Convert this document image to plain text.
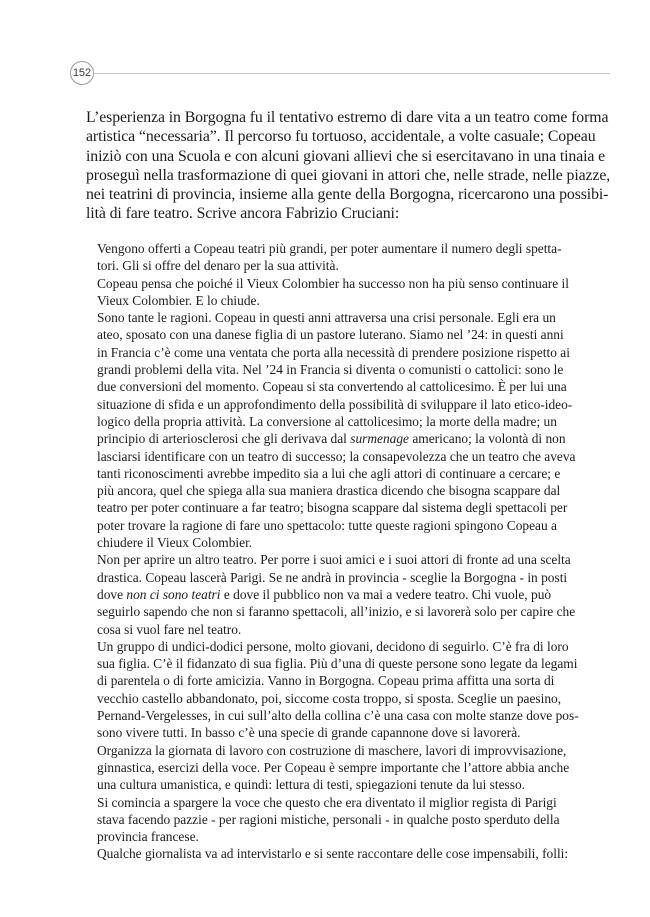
152
L’esperienza in Borgogna fu il tentativo estremo di dare vita a un teatro come forma
artistica “necessaria”. Il percorso fu tortuoso, accidentale, a volte casuale; Copeau
iniziò con una Scuola e con alcuni giovani allievi che si esercitavano in una tinaia e
proseguì nella trasformazione di quei giovani in attori che, nelle strade, nelle piazze,
nei teatrini di provincia, insieme alla gente della Borgogna, ricercarono una possibi-
lità di fare teatro. Scrive ancora Fabrizio Cruciani:

Vengono offerti a Copeau teatri più grandi, per poter aumentare il numero degli spetta-
tori. Gli si offre del denaro per la sua attività.

Copeau pensa che poiché il Vieux Colombier ha successo non ha più senso continuare il
Vieux Colombier. E lo chiude.

Sono tante le ragioni. Copeau in questi anni attraversa una crisi personale. Egli era un
ateo, sposato con una danese figlia di un pastore luterano. Siamo nel ’24: in questi anni
in Francia c’è come una ventata che porta alla necessità di prendere posizione rispetto ai
grandi problemi della vita. Nel ’24 in Francia si diventa o comunisti o cattolici: sono le
due conversioni del momento. Copeau si sta convertendo al cattolicesimo. È per lui una
situazione di sfida e un approfondimento della possibilità di sviluppare il lato etico-ideo-
logico della propria attività. La conversione al cattolicesimo; la morte della madre; un
principio di arteriosclerosi che gli derivava dal surmenage americano; la volontà di non
lasciarsi identificare con un teatro di successo; la consapevolezza che un teatro che aveva
tanti riconoscimenti avrebbe impedito sia a lui che agli attori di continuare a cercare; e
più ancora, quel che spiega alla sua maniera drastica dicendo che bisogna scappare dal
teatro per poter continuare a far teatro; bisogna scappare dal sistema degli spettacoli per
poter trovare la ragione di fare uno spettacolo: tutte queste ragioni spingono Copeau a
chiudere il Vieux Colombier.

Non per aprire un altro teatro. Per porre i suoi amici e i suoi attori di fronte ad una scelta
drastica. Copeau lascerà Parigi. Se ne andrà in provincia - sceglie la Borgogna - in posti
dove non ci sono teatri e dove il pubblico non va mai a vedere teatro. Chi vuole, può
seguirlo sapendo che non si faranno spettacoli, all’inizio, e si lavorerà solo per capire che
cosa si vuol fare nel teatro.

Un gruppo di undici-dodici persone, molto giovani, decidono di seguirlo. C’è fra di loro
sua figlia. C’è il fidanzato di sua figlia. Più d’una di queste persone sono legate da legami
di parentela o di forte amicizia. Vanno in Borgogna. Copeau prima affitta una sorta di
vecchio castello abbandonato, poi, siccome costa troppo, si sposta. Sceglie un paesino,
Pernand-Vergelesses, in cui sull’alto della collina c’è una casa con molte stanze dove pos-
sono vivere tutti. In basso c’è una specie di grande capannone dove si lavorerà.

Organizza la giornata di lavoro con costruzione di maschere, lavori di improvvisazione,
ginnastica, esercizi della voce. Per Copeau è sempre importante che l’attore abbia anche
una cultura umanistica, e quindi: lettura di testi, spiegazioni tenute da lui stesso.

Si comincia a spargere la voce che questo che era diventato il miglior regista di Parigi
stava facendo pazzie - per ragioni mistiche, personali - in qualche posto sperduto della
provincia francese.

Qualche giornalista va ad intervistarlo e si sente raccontare delle cose impensabili, folli:
